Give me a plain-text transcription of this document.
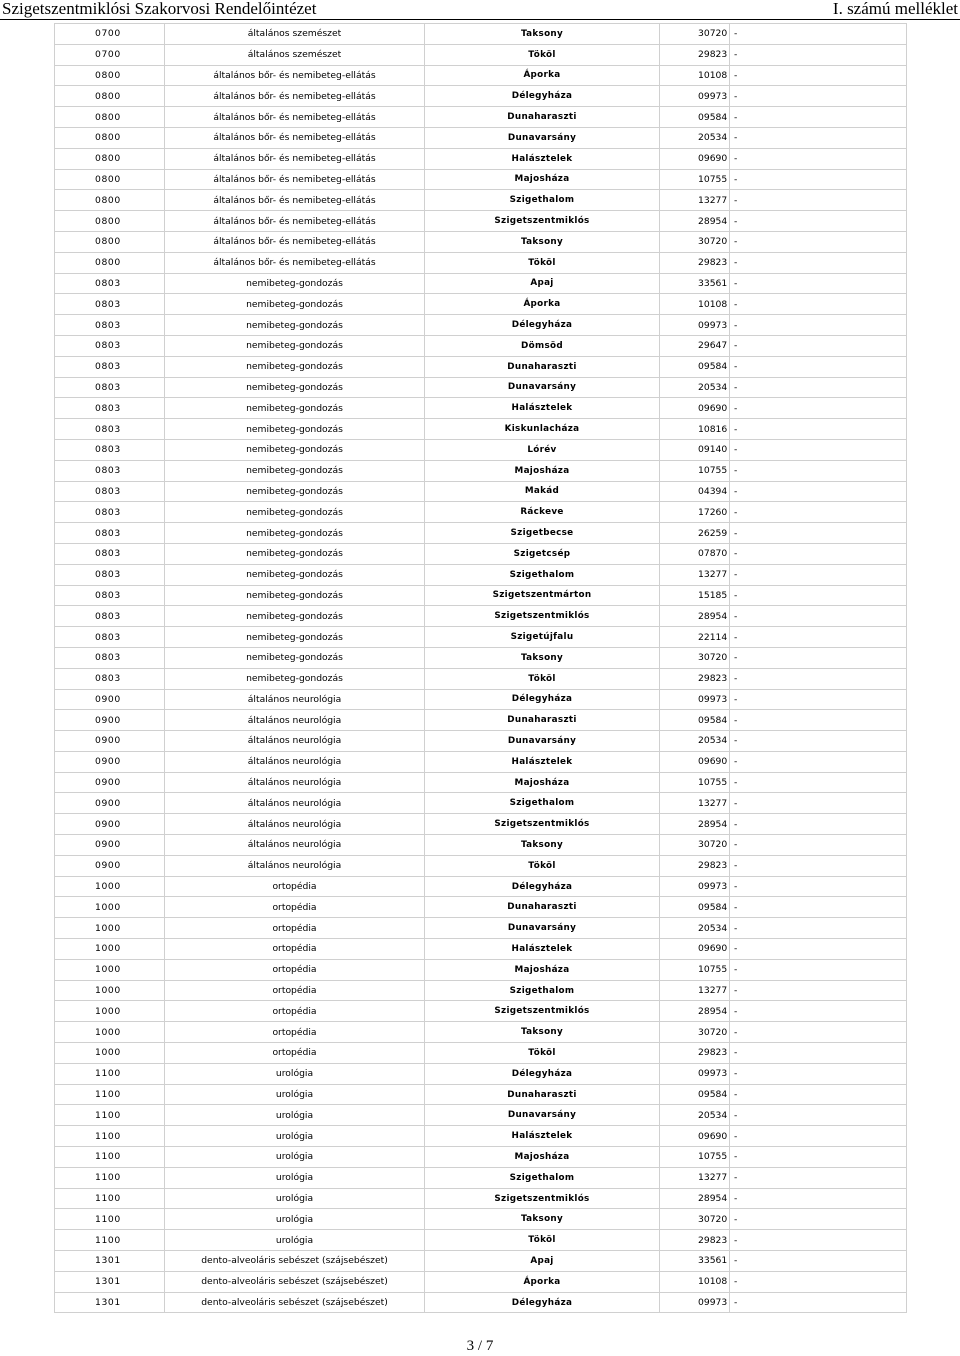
Szigetszentmiklósi Szakorvosi Rendelőintézet	I. számú melléklet
0700	általános szemészet	Taksony	30720	-
0700	általános szemészet	Tököl	29823	-
0800	általános bőr- és nemibeteg-ellátás	Áporka	10108	-
0800	általános bőr- és nemibeteg-ellátás	Délegyháza	09973	-
0800	általános bőr- és nemibeteg-ellátás	Dunaharaszti	09584	-
0800	általános bőr- és nemibeteg-ellátás	Dunavarsány	20534	-
0800	általános bőr- és nemibeteg-ellátás	Halásztelek	09690	-
0800	általános bőr- és nemibeteg-ellátás	Majosháza	10755	-
0800	általános bőr- és nemibeteg-ellátás	Szigethalom	13277	-
0800	általános bőr- és nemibeteg-ellátás	Szigetszentmiklós	28954	-
0800	általános bőr- és nemibeteg-ellátás	Taksony	30720	-
0800	általános bőr- és nemibeteg-ellátás	Tököl	29823	-
0803	nemibeteg-gondozás	Apaj	33561	-
0803	nemibeteg-gondozás	Áporka	10108	-
0803	nemibeteg-gondozás	Délegyháza	09973	-
0803	nemibeteg-gondozás	Dömsöd	29647	-
0803	nemibeteg-gondozás	Dunaharaszti	09584	-
0803	nemibeteg-gondozás	Dunavarsány	20534	-
0803	nemibeteg-gondozás	Halásztelek	09690	-
0803	nemibeteg-gondozás	Kiskunlacháza	10816	-
0803	nemibeteg-gondozás	Lórév	09140	-
0803	nemibeteg-gondozás	Majosháza	10755	-
0803	nemibeteg-gondozás	Makád	04394	-
0803	nemibeteg-gondozás	Ráckeve	17260	-
0803	nemibeteg-gondozás	Szigetbecse	26259	-
0803	nemibeteg-gondozás	Szigetcsép	07870	-
0803	nemibeteg-gondozás	Szigethalom	13277	-
0803	nemibeteg-gondozás	Szigetszentmárton	15185	-
0803	nemibeteg-gondozás	Szigetszentmiklós	28954	-
0803	nemibeteg-gondozás	Szigetújfalu	22114	-
0803	nemibeteg-gondozás	Taksony	30720	-
0803	nemibeteg-gondozás	Tököl	29823	-
0900	általános neurológia	Délegyháza	09973	-
0900	általános neurológia	Dunaharaszti	09584	-
0900	általános neurológia	Dunavarsány	20534	-
0900	általános neurológia	Halásztelek	09690	-
0900	általános neurológia	Majosháza	10755	-
0900	általános neurológia	Szigethalom	13277	-
0900	általános neurológia	Szigetszentmiklós	28954	-
0900	általános neurológia	Taksony	30720	-
0900	általános neurológia	Tököl	29823	-
1000	ortopédia	Délegyháza	09973	-
1000	ortopédia	Dunaharaszti	09584	-
1000	ortopédia	Dunavarsány	20534	-
1000	ortopédia	Halásztelek	09690	-
1000	ortopédia	Majosháza	10755	-
1000	ortopédia	Szigethalom	13277	-
1000	ortopédia	Szigetszentmiklós	28954	-
1000	ortopédia	Taksony	30720	-
1000	ortopédia	Tököl	29823	-
1100	urológia	Délegyháza	09973	-
1100	urológia	Dunaharaszti	09584	-
1100	urológia	Dunavarsány	20534	-
1100	urológia	Halásztelek	09690	-
1100	urológia	Majosháza	10755	-
1100	urológia	Szigethalom	13277	-
1100	urológia	Szigetszentmiklós	28954	-
1100	urológia	Taksony	30720	-
1100	urológia	Tököl	29823	-
1301	dento-alveoláris sebészet (szájsebészet)	Apaj	33561	-
1301	dento-alveoláris sebészet (szájsebészet)	Áporka	10108	-
1301	dento-alveoláris sebészet (szájsebészet)	Délegyháza	09973	-
3 / 7
